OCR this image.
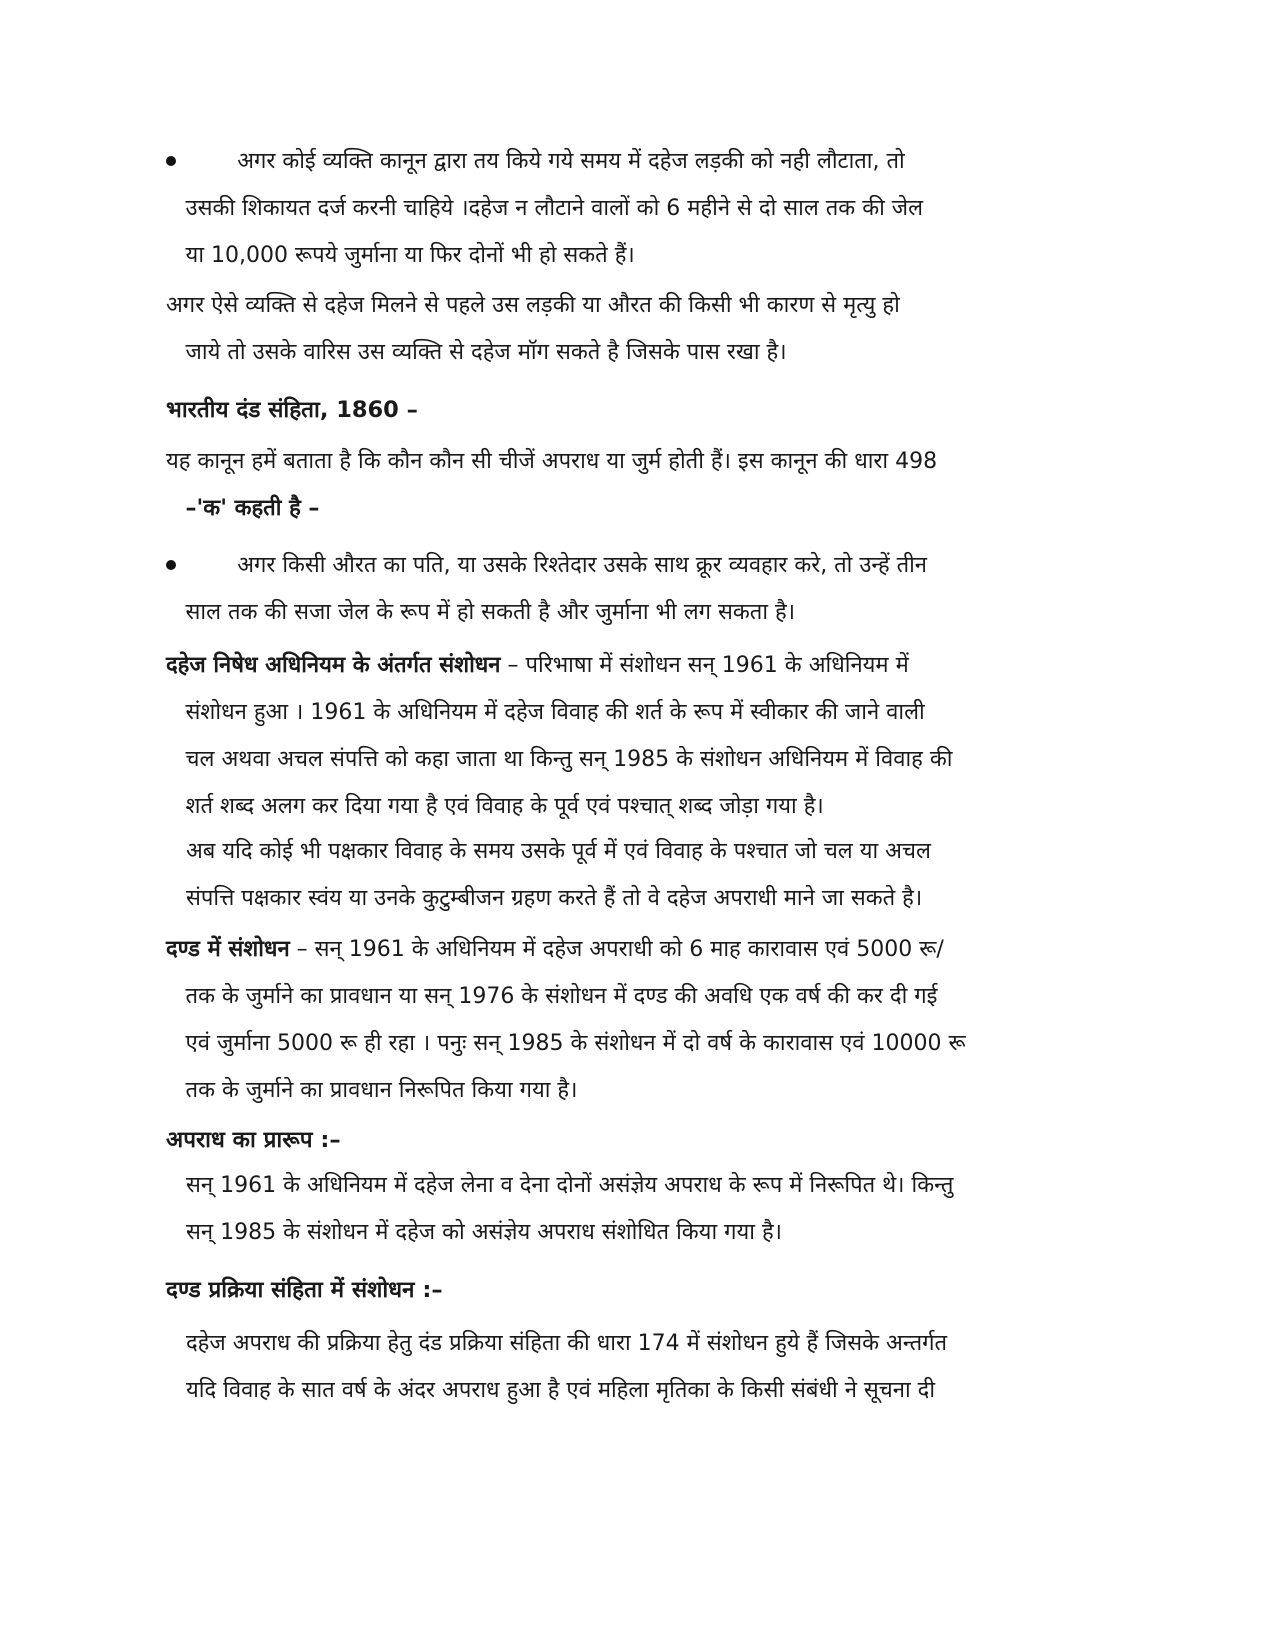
अगर कोई व्यक्ति कानून द्वारा तय किये गये समय में दहेज लड़की को नही लौटाता, तो
उसकी शिकायत दर्ज करनी चाहिये ।दहेज न लौटाने वालों को 6 महीने से दो साल तक की जेल
या 10,000 रूपये जुर्माना या फिर दोनों भी हो सकते हैं।
अगर ऐसे व्यक्ति से दहेज मिलने से पहले उस लड़की या औरत की किसी भी कारण से मृत्यु हो
जाये तो उसके वारिस उस व्यक्ति से दहेज मॉग सकते है जिसके पास रखा है।
भारतीय दंड संहिता, 1860 –
यह कानून हमें बताता है कि कौन कौन सी चीजें अपराध या जुर्म होती हैं। इस कानून की धारा 498
–'क' कहती है –
अगर किसी औरत का पति, या उसके रिश्तेदार उसके साथ क्रूर व्यवहार करे, तो उन्हें तीन
साल तक की सजा जेल के रूप में हो सकती है और जुर्माना भी लग सकता है।
दहेज निषेध अधिनियम के अंतर्गत संशोधन – परिभाषा में संशोधन सन् 1961 के अधिनियम में
संशोधन हुआ । 1961 के अधिनियम में दहेज विवाह की शर्त के रूप में स्वीकार की जाने वाली
चल अथवा अचल संपत्ति को कहा जाता था किन्तु सन् 1985 के संशोधन अधिनियम में विवाह की
शर्त शब्द अलग कर दिया गया है एवं विवाह के पूर्व एवं पश्चात् शब्द जोड़ा गया है।
अब यदि कोई भी पक्षकार विवाह के समय उसके पूर्व में एवं विवाह के पश्चात जो चल या अचल
संपत्ति पक्षकार स्वंय या उनके कुटुम्बीजन ग्रहण करते हैं तो वे दहेज अपराधी माने जा सकते है।
दण्ड में संशोधन – सन् 1961 के अधिनियम में दहेज अपराधी को 6 माह कारावास एवं 5000 रू/
तक के जुर्माने का प्रावधान या सन् 1976 के संशोधन में दण्ड की अवधि एक वर्ष की कर दी गई
एवं जुर्माना 5000 रू ही रहा । पनुः सन् 1985 के संशोधन में दो वर्ष के कारावास एवं 10000 रू
तक के जुर्माने का प्रावधान निरूपित किया गया है।
अपराध का प्रारूप :–
सन् 1961 के अधिनियम में दहेज लेना व देना दोनों असंज्ञेय अपराध के रूप में निरूपित थे। किन्तु
सन् 1985 के संशोधन में दहेज को असंज्ञेय अपराध संशोधित किया गया है।
दण्ड प्रक्रिया संहिता में संशोधन :–
दहेज अपराध की प्रक्रिया हेतु दंड प्रक्रिया संहिता की धारा 174 में संशोधन हुये हैं जिसके अन्तर्गत
यदि विवाह के सात वर्ष के अंदर अपराध हुआ है एवं महिला मृतिका के किसी संबंधी ने सूचना दी
